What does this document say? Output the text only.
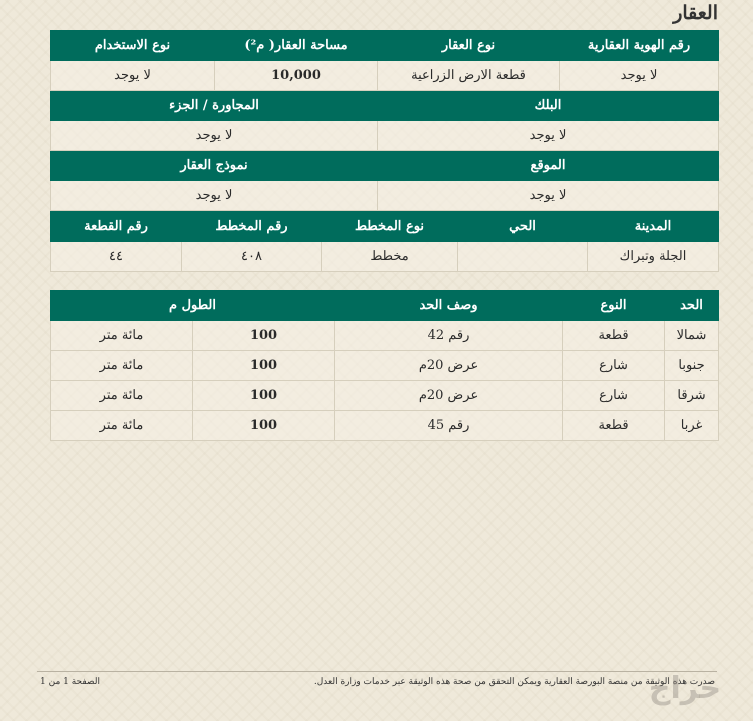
العقار
رقم الهوية العقارية	نوع العقار	مساحة العقار( م²)	نوع الاستخدام
لا يوجد	قطعة الارض الزراعية	10,000	لا يوجد
البلك		المجاورة / الجزء	
لا يوجد		لا يوجد	
الموقع		نموذج العقار	
لا يوجد		لا يوجد	
المدينة	الحي	نوع المخطط	رقم المخطط	رقم القطعة
الجلة وتبراك		مخطط	٤٠٨	٤٤
الحد	النوع	وصف الحد	الطول م	
شمالا	قطعة	رقم 42	100	مائة متر
جنوبا	شارع	عرض 20م	100	مائة متر
شرقا	شارع	عرض 20م	100	مائة متر
غربا	قطعة	رقم 45	100	مائة متر
صدرت هذه الوثيقة من منصة البورصة العقارية ويمكن التحقق من صحة هذه الوثيقة عبر خدمات وزارة العدل.
الصفحة 1 من 1	حراج
